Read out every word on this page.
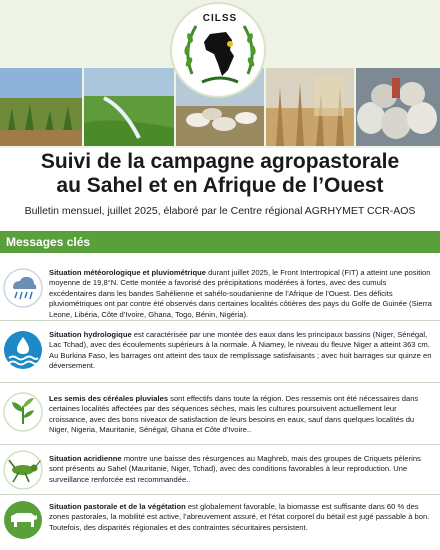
CILSS
Suivi de la campagne agropastorale
au Sahel et en Afrique de l’Ouest
Bulletin mensuel, juillet 2025, élaboré par le Centre régional AGRHYMET CCR-AOS
Messages clés
Situation météorologique et pluviométrique durant juillet 2025, le Front Intertropical (FIT) a atteint une position moyenne de 19,8°N. Cette montée a favorisé des précipitations modérées à fortes, avec des cumuls excédentaires dans les bandes Sahélienne et sahélo-soudanienne de l’Afrique de l’Ouest. Des déficits pluviométriques ont par contre été observés dans certaines localités côtières des pays du Golfe de Guinée (Sierra Leone, Libéria, Côte d’Ivoire, Ghana, Togo, Bénin, Nigéria).
Situation hydrologique est caractérisée par une montée des eaux dans les principaux bassins (Niger, Sénégal, Lac Tchad), avec des écoulements supérieurs à la normale. À Niamey, le niveau du fleuve Niger a atteint 363 cm. Au Burkina Faso, les barrages ont atteint des taux de remplissage satisfaisants ; avec huit barrages sur quinze en déversement.
Les semis des céréales pluviales sont effectifs dans toute la région. Des ressemis ont été nécessaires dans certaines localités affectées par des séquences sèches, mais les cultures poursuivent actuellement leur croissance, avec des bons niveaux de satisfaction de leurs besoins en eaux, sauf dans quelques localités du Niger, Nigeria, Mauritanie, Sénégal, Ghana et Côte d’Ivoire..
Situation acridienne montre une baisse des résurgences au Maghreb, mais des groupes de Criquets pèlerins sont présents au Sahel (Mauritanie, Niger, Tchad), avec des conditions favorables à leur reproduction. Une surveillance renforcée est recommandée..
Situation pastorale et de la végétation est globalement favorable, la biomasse est suffisante dans 60 % des zones pastorales, la mobilité est active, l’abreuvement assuré, et l’état corporel du bétail est jugé passable à bon. Toutefois, des disparités régionales et des contraintes sécuritaires persistent.
